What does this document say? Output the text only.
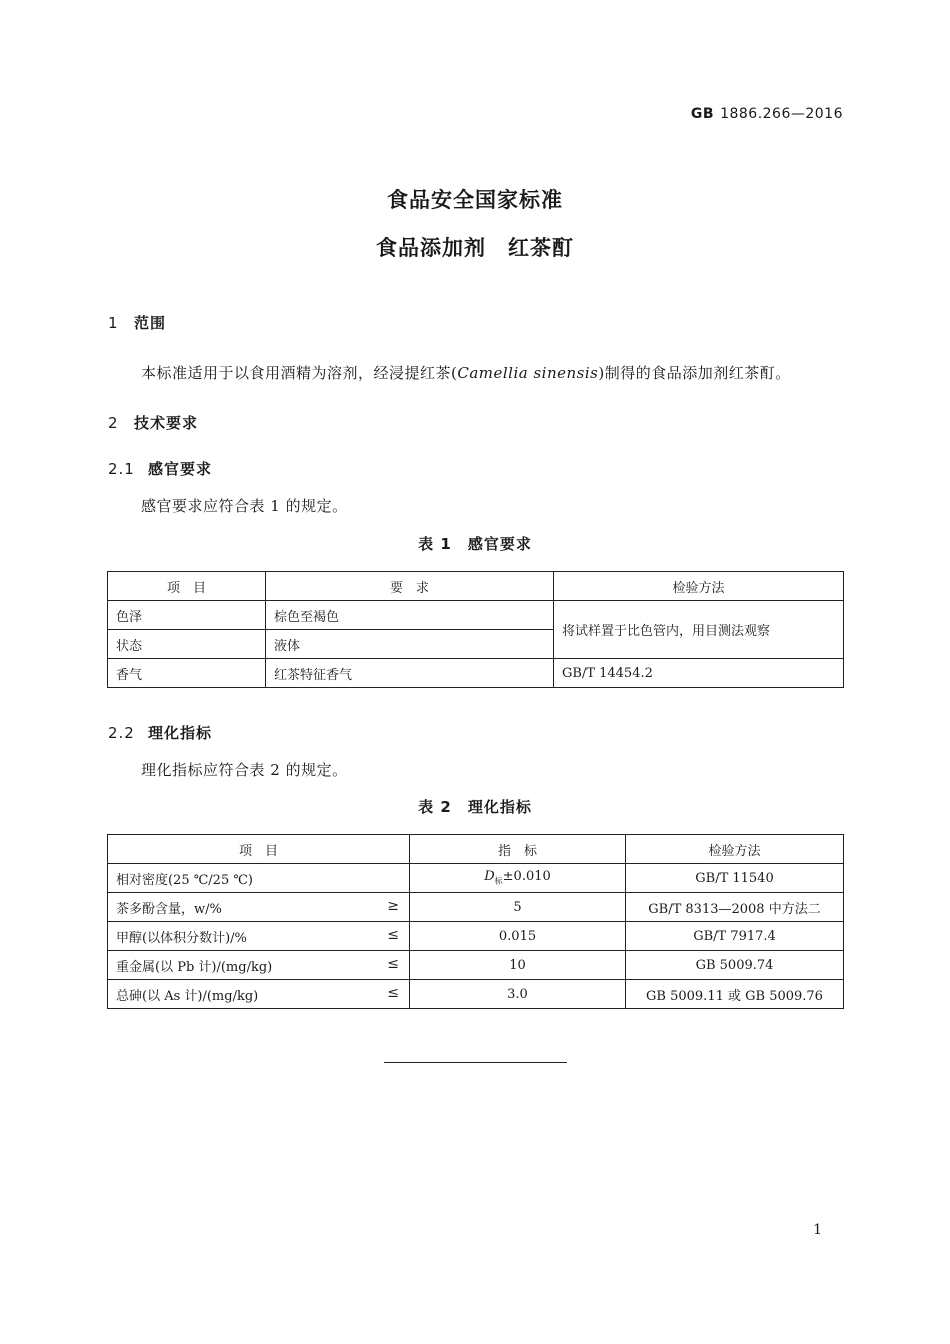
GB 1886.266—2016
食品安全国家标准
食品添加剂　红茶酊
1 范围
本标准适用于以食用酒精为溶剂，经浸提红茶(Camellia sinensis)制得的食品添加剂红茶酊。
2 技术要求
2.1 感官要求
感官要求应符合表 1 的规定。
表 1　感官要求
项　目	要　求	检验方法
色泽	棕色至褐色	将试样置于比色管内，用目测法观察
状态	液体	
香气	红茶特征香气	GB/T 14454.2
2.2 理化指标
理化指标应符合表 2 的规定。
表 2　理化指标
项　目	指　标	检验方法
相对密度(25 ℃/25 ℃)	$D_标\pm 0.010$	GB/T 11540
茶多酚含量，w/% ≥	5	GB/T 8313—2008 中方法二
甲醇(以体积分数计)/% ≤	0.015	GB/T 7917.4
重金属(以 Pb 计)/(mg/kg) ≤	10	GB 5009.74
总砷(以 As 计)/(mg/kg) ≤	3.0	GB 5009.11 或 GB 5009.76
1
